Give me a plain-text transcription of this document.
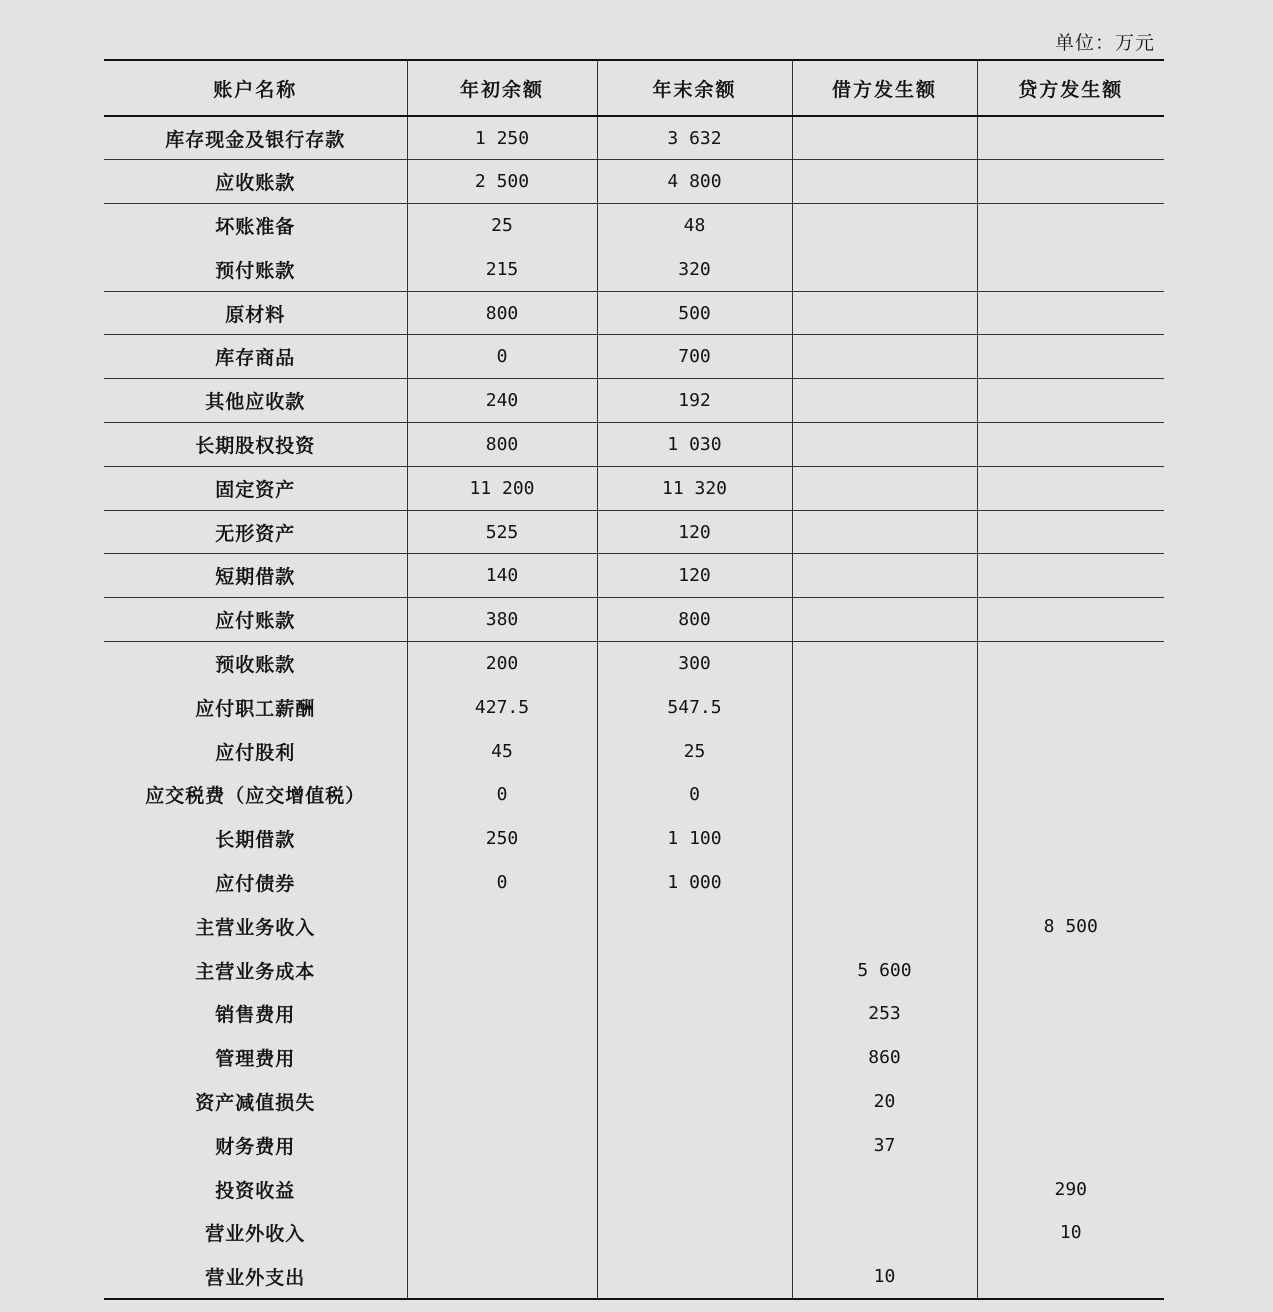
单位：万元
账户名称	年初余额	年末余额	借方发生额	贷方发生额
库存现金及银行存款	1 250	3 632		
应收账款	2 500	4 800		
坏账准备	25	48		
预付账款	215	320		
原材料	800	500		
库存商品	0	700		
其他应收款	240	192		
长期股权投资	800	1 030		
固定资产	11 200	11 320		
无形资产	525	120		
短期借款	140	120		
应付账款	380	800		
预收账款	200	300		
应付职工薪酬	427.5	547.5		
应付股利	45	25		
应交税费（应交增值税）	0	0		
长期借款	250	1 100		
应付债券	0	1 000		
主营业务收入				8 500
主营业务成本			5 600	
销售费用			253	
管理费用			860	
资产减值损失			20	
财务费用			37	
投资收益				290
营业外收入				10
营业外支出			10	
